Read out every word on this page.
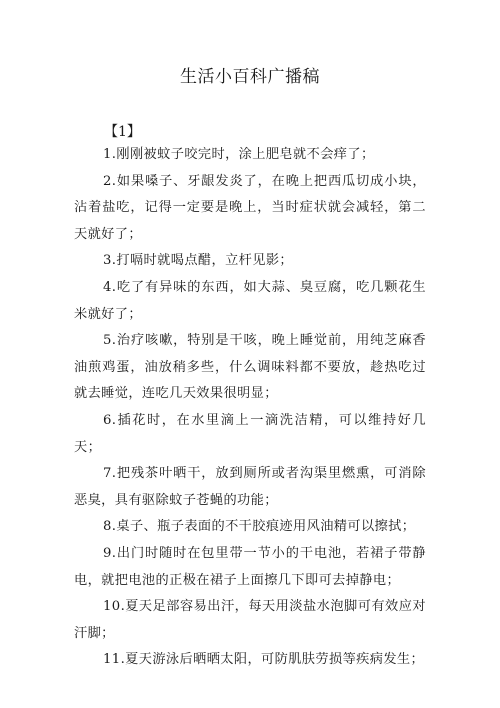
生活小百科广播稿
【1】

1.刚刚被蚊子咬完时，涂上肥皂就不会痒了；

2.如果嗓子、牙龈发炎了，在晚上把西瓜切成小块，沾着盐吃，记得一定要是晚上，当时症状就会减轻，第二天就好了；

3.打嗝时就喝点醋，立杆见影；

4.吃了有异味的东西，如大蒜、臭豆腐，吃几颗花生米就好了；

5.治疗咳嗽，特别是干咳，晚上睡觉前，用纯芝麻香油煎鸡蛋，油放稍多些，什么调味料都不要放，趁热吃过就去睡觉，连吃几天效果很明显；

6.插花时，在水里滴上一滴洗洁精，可以维持好几天；

7.把残茶叶晒干，放到厕所或者沟渠里燃熏，可消除恶臭，具有驱除蚊子苍蝇的功能；

8.桌子、瓶子表面的不干胶痕迹用风油精可以擦拭；

9.出门时随时在包里带一节小的干电池，若裙子带静电，就把电池的正极在裙子上面擦几下即可去掉静电；

10.夏天足部容易出汗，每天用淡盐水泡脚可有效应对汗脚；

11.夏天游泳后晒晒太阳，可防肌肤劳损等疾病发生；
